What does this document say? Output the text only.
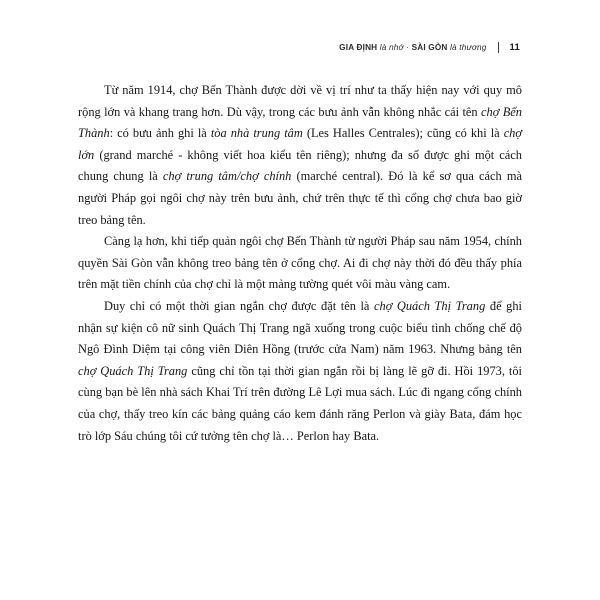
GIA ĐỊNH là nhớ · SÀI GÒN là thương 11

Từ năm 1914, chợ Bến Thành được dời về vị trí như ta thấy hiện nay với quy mô rộng lớn và khang trang hơn. Dù vậy, trong các bưu ảnh vẫn không nhắc cái tên chợ Bến Thành: có bưu ảnh ghi là tòa nhà trung tâm (Les Halles Centrales); cũng có khi là chợ lớn (grand marché - không viết hoa kiểu tên riêng); nhưng đa số được ghi một cách chung chung là chợ trung tâm/chợ chính (marché central). Đó là kể sơ qua cách mà người Pháp gọi ngôi chợ này trên bưu ảnh, chứ trên thực tế thì cổng chợ chưa bao giờ treo bảng tên.

Càng lạ hơn, khi tiếp quản ngôi chợ Bến Thành từ người Pháp sau năm 1954, chính quyền Sài Gòn vẫn không treo bảng tên ở cổng chợ. Ai đi chợ này thời đó đều thấy phía trên mặt tiền chính của chợ chỉ là một mảng tường quét vôi màu vàng cam.

Duy chỉ có một thời gian ngắn chợ được đặt tên là chợ Quách Thị Trang để ghi nhận sự kiện cô nữ sinh Quách Thị Trang ngã xuống trong cuộc biểu tình chống chế độ Ngô Đình Diệm tại công viên Diên Hồng (trước cửa Nam) năm 1963. Nhưng bảng tên chợ Quách Thị Trang cũng chỉ tồn tại thời gian ngắn rồi bị làng lẽ gỡ đi. Hồi 1973, tôi cùng bạn bè lên nhà sách Khai Trí trên đường Lê Lợi mua sách. Lúc đi ngang cổng chính của chợ, thấy treo kín các bảng quảng cáo kem đánh răng Perlon và giày Bata, đám học trò lớp Sáu chúng tôi cứ tưởng tên chợ là… Perlon hay Bata.
